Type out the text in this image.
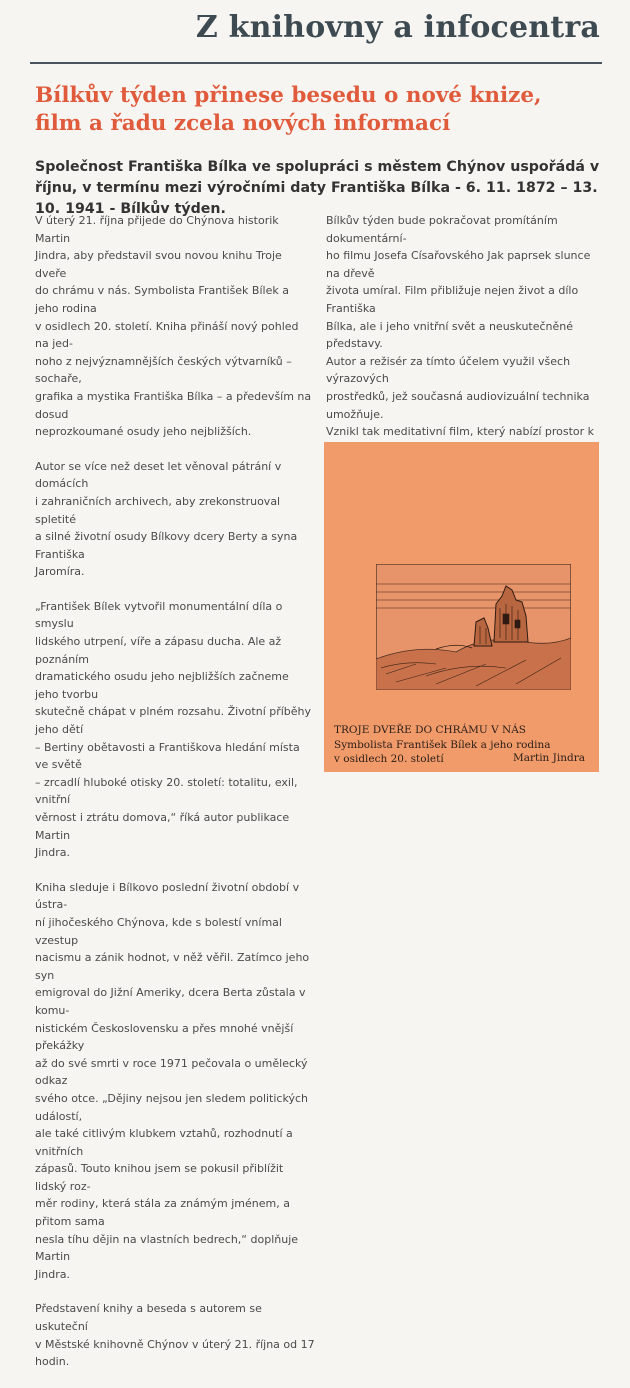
Z knihovny a infocentra
Bílkův týden přinese besedu o nové knize,
film a řadu zcela nových informací
Společnost Františka Bílka ve spolupráci s městem Chýnov uspořádá v říjnu, v termínu mezi výročními daty Františka Bílka - 6. 11. 1872 – 13. 10. 1941 - Bílkův týden.

V úterý 21. října přijede do Chýnova historik Martin
Jindra, aby představil svou novou knihu Troje dveře
do chrámu v nás. Symbolista František Bílek a jeho rodina
v osidlech 20. století. Kniha přináší nový pohled na jed-
noho z nejvýznamnějších českých výtvarníků – sochaře,
grafika a mystika Františka Bílka – a především na dosud
neprozkoumané osudy jeho nejbližších.

Autor se více než deset let věnoval pátrání v domácích
i zahraničních archivech, aby zrekonstruoval spletité
a silné životní osudy Bílkovy dcery Berty a syna Františka
Jaromíra.

„František Bílek vytvořil monumentální díla o smyslu
lidského utrpení, víře a zápasu ducha. Ale až poznáním
dramatického osudu jeho nejbližších začneme jeho tvorbu
skutečně chápat v plném rozsahu. Životní příběhy jeho dětí
– Bertiny obětavosti a Františkova hledání místa ve světě
– zrcadlí hluboké otisky 20. století: totalitu, exil, vnitřní
věrnost i ztrátu domova,“ říká autor publikace Martin
Jindra.

Kniha sleduje i Bílkovo poslední životní období v ústra-
ní jihočeského Chýnova, kde s bolestí vnímal vzestup
nacismu a zánik hodnot, v něž věřil. Zatímco jeho syn
emigroval do Jižní Ameriky, dcera Berta zůstala v komu-
nistickém Československu a přes mnohé vnější překážky
až do své smrti v roce 1971 pečovala o umělecký odkaz
svého otce. „Dějiny nejsou jen sledem politických událostí,
ale také citlivým klubkem vztahů, rozhodnutí a vnitřních
zápasů. Touto knihou jsem se pokusil přiblížit lidský roz-
měr rodiny, která stála za známým jménem, a přitom sama
nesla tíhu dějin na vlastních bedrech,“ doplňuje Martin
Jindra.

Představení knihy a beseda s autorem se uskuteční
v Městské knihovně Chýnov v úterý 21. října od 17 hodin.

Bílkův týden bude pokračovat promítáním dokumentární-
ho filmu Josefa Císařovského Jak paprsek slunce na dřevě
života umíral. Film přibližuje nejen život a dílo Františka
Bílka, ale i jeho vnitřní svět a neuskutečněné představy.
Autor a režisér za tímto účelem využil všech výrazových
prostředků, jež současná audiovizuální technika umožňuje.
Vznikl tak meditativní film, který nabízí prostor k

TROJE DVEŘE DO CHRÁMU V NÁS
Symbolista František Bílek a jeho rodina
v osidlech 20. století	Martin Jindra
